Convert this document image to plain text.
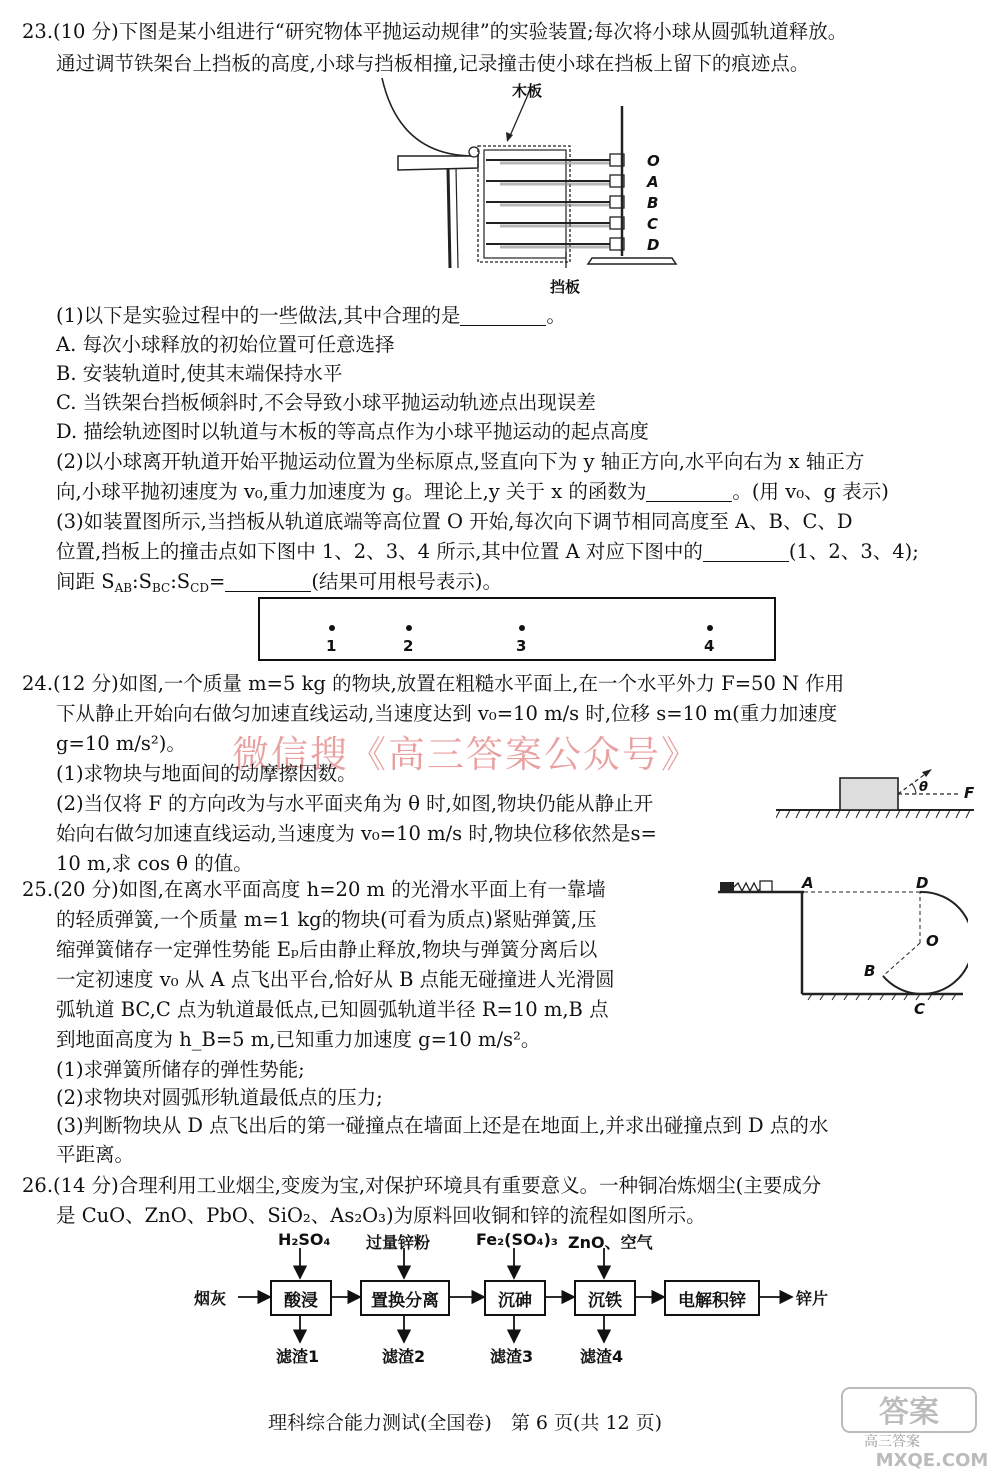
23.(10 分)下图是某小组进行“研究物体平抛运动规律”的实验装置;每次将小球从圆弧轨道释放。
通过调节铁架台上挡板的高度,小球与挡板相撞,记录撞击使小球在挡板上留下的痕迹点。
木板
挡板
O
A
B
C
D
(1)以下是实验过程中的一些做法,其中合理的是	。
A. 每次小球释放的初始位置可任意选择
B. 安装轨道时,使其末端保持水平
C. 当铁架台挡板倾斜时,不会导致小球平抛运动轨迹点出现误差
D. 描绘轨迹图时以轨道与木板的等高点作为小球平抛运动的起点高度
(2)以小球离开轨道开始平抛运动位置为坐标原点,竖直向下为 y 轴正方向,水平向右为 x 轴正方
向,小球平抛初速度为 v₀,重力加速度为 g。理论上,y 关于 x 的函数为	。(用 v₀、g 表示)
(3)如装置图所示,当挡板从轨道底端等高位置 O 开始,每次向下调节相同高度至 A、B、C、D
位置,挡板上的撞击点如下图中 1、2、3、4 所示,其中位置 A 对应下图中的	(1、2、3、4);
间距 $S_{AB}:S_{BC}:S_{CD}=$	(结果可用根号表示)。
1	2	3	4
24.(12 分)如图,一个质量 m=5 kg 的物块,放置在粗糙水平面上,在一个水平外力 F=50 N 作用
下从静止开始向右做匀加速直线运动,当速度达到 v₀=10 m/s 时,位移 s=10 m(重力加速度
g=10 m/s²)。 微信搜《高三答案公众号》
(1)求物块与地面间的动摩擦因数。
(2)当仅将 F 的方向改为与水平面夹角为 θ 时,如图,物块仍能从静止开
始向右做匀加速直线运动,当速度为 v₀=10 m/s 时,物块位移依然是s=
10 m,求 cos θ 的值。
θ F
25.(20 分)如图,在离水平面高度 h=20 m 的光滑水平面上有一靠墙
的轻质弹簧,一个质量 m=1 kg的物块(可看为质点)紧贴弹簧,压
缩弹簧储存一定弹性势能 Eₚ后由静止释放,物块与弹簧分离后以
一定初速度 v₀ 从 A 点飞出平台,恰好从 B 点能无碰撞进人光滑圆
弧轨道 BC,C 点为轨道最低点,已知圆弧轨道半径 R=10 m,B 点
到地面高度为 h_B=5 m,已知重力加速度 g=10 m/s²。
(1)求弹簧所储存的弹性势能;
(2)求物块对圆弧形轨道最低点的压力;
(3)判断物块从 D 点飞出后的第一碰撞点在墙面上还是在地面上,并求出碰撞点到 D 点的水
平距离。
A	D
O
B
C
26.(14 分)合理利用工业烟尘,变废为宝,对保护环境具有重要意义。一种铜冶炼烟尘(主要成分
是 CuO、ZnO、PbO、SiO₂、As₂O₃)为原料回收铜和锌的流程如图所示。
烟灰	酸浸	置换分离	沉砷	沉铁	电解积锌	锌片
H₂SO₄ 过量锌粉	Fe₂(SO₄)₃ ZnO、空气
滤渣1	滤渣2	滤渣3	滤渣4
理科综合能力测试(全国卷)　第 6 页(共 12 页)	答案
高三答案
MXQE.COM
